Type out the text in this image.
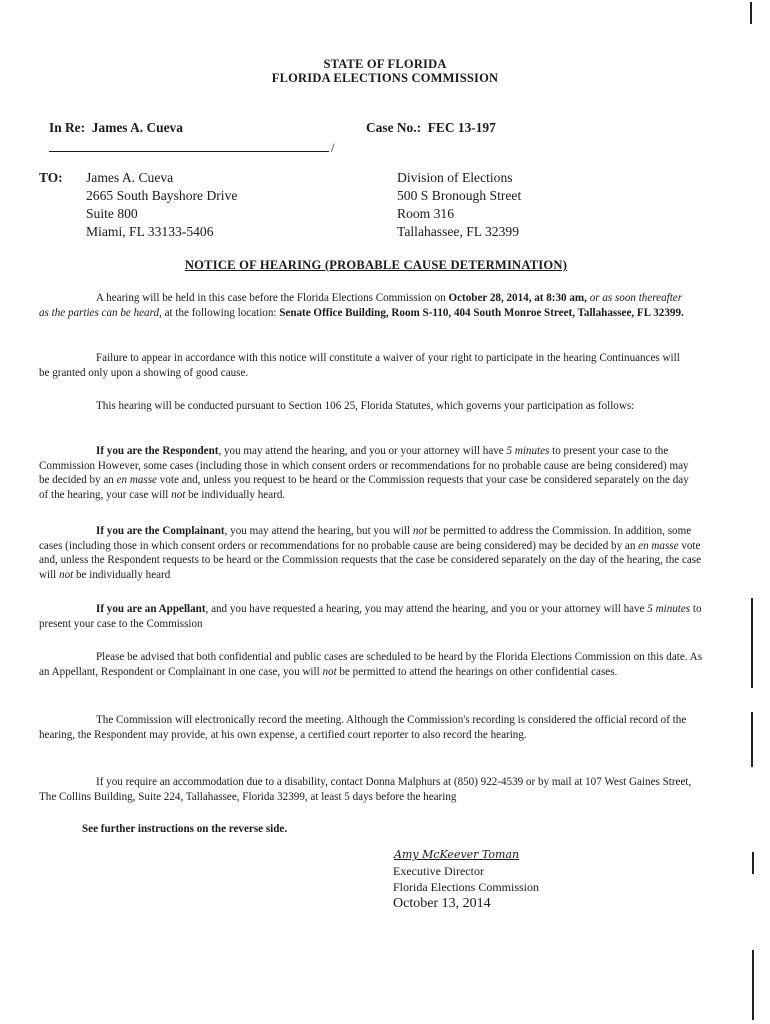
STATE OF FLORIDA
FLORIDA ELECTIONS COMMISSION
In Re: James A. Cueva
/
Case No.: FEC 13-197
TO: James A. Cueva
2665 South Bayshore Drive
Suite 800
Miami, FL 33133-5406
Division of Elections
500 S Bronough Street
Room 316
Tallahassee, FL 32399
NOTICE OF HEARING (PROBABLE CAUSE DETERMINATION)
A hearing will be held in this case before the Florida Elections Commission on October 28, 2014, at 8:30 am, or as soon thereafter as the parties can be heard, at the following location: Senate Office Building, Room S-110, 404 South Monroe Street, Tallahassee, FL 32399.
Failure to appear in accordance with this notice will constitute a waiver of your right to participate in the hearing Continuances will be granted only upon a showing of good cause.
This hearing will be conducted pursuant to Section 106 25, Florida Statutes, which governs your participation as follows:
If you are the Respondent, you may attend the hearing, and you or your attorney will have 5 minutes to present your case to the Commission However, some cases (including those in which consent orders or recommendations for no probable cause are being considered) may be decided by an en masse vote and, unless you request to be heard or the Commission requests that your case be considered separately on the day of the hearing, your case will not be individually heard.
If you are the Complainant, you may attend the hearing, but you will not be permitted to address the Commission. In addition, some cases (including those in which consent orders or recommendations for no probable cause are being considered) may be decided by an en masse vote and, unless the Respondent requests to be heard or the Commission requests that the case be considered separately on the day of the hearing, the case will not be individually heard
If you are an Appellant, and you have requested a hearing, you may attend the hearing, and you or your attorney will have 5 minutes to present your case to the Commission
Please be advised that both confidential and public cases are scheduled to be heard by the Florida Elections Commission on this date. As an Appellant, Respondent or Complainant in one case, you will not be permitted to attend the hearings on other confidential cases.
The Commission will electronically record the meeting. Although the Commission's recording is considered the official record of the hearing, the Respondent may provide, at his own expense, a certified court reporter to also record the hearing.
If you require an accommodation due to a disability, contact Donna Malphurs at (850) 922-4539 or by mail at 107 West Gaines Street, The Collins Building, Suite 224, Tallahassee, Florida 32399, at least 5 days before the hearing
See further instructions on the reverse side.
Amy McKeever Toman
Executive Director
Florida Elections Commission
October 13, 2014
